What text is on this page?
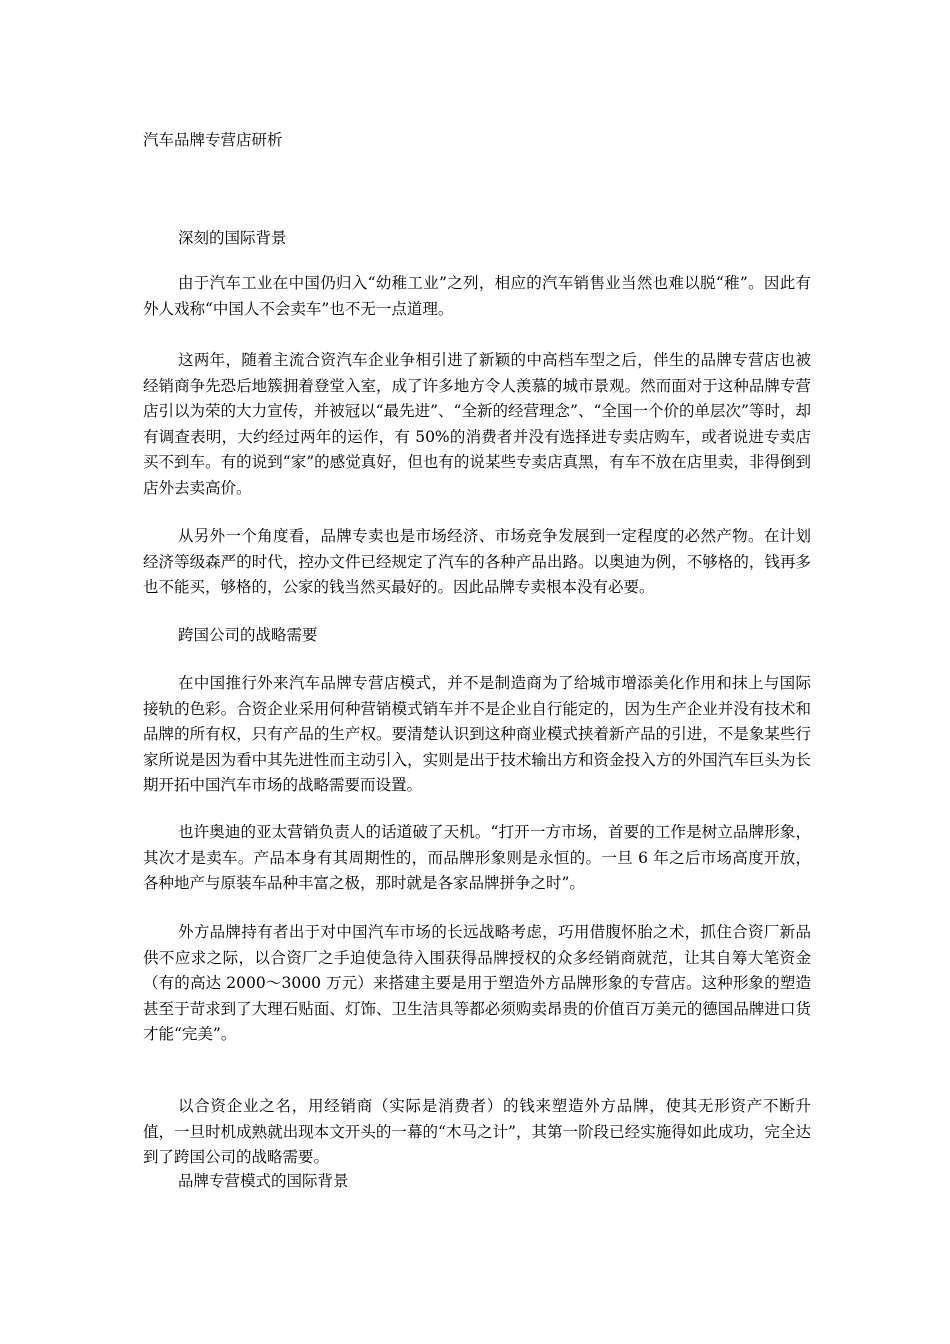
汽车品牌专营店研析
深刻的国际背景

由于汽车工业在中国仍归入“幼稚工业”之列，相应的汽车销售业当然也难以脱“稚”。因此有外人戏称“中国人不会卖车”也不无一点道理。

这两年，随着主流合资汽车企业争相引进了新颖的中高档车型之后，伴生的品牌专营店也被经销商争先恐后地簇拥着登堂入室，成了许多地方令人羡慕的城市景观。然而面对于这种品牌专营店引以为荣的大力宣传，并被冠以“最先进”、“全新的经营理念”、“全国一个价的单层次”等时，却有调查表明，大约经过两年的运作，有 50%的消费者并没有选择进专卖店购车，或者说进专卖店买不到车。有的说到“家”的感觉真好，但也有的说某些专卖店真黑，有车不放在店里卖，非得倒到店外去卖高价。

从另外一个角度看，品牌专卖也是市场经济、市场竞争发展到一定程度的必然产物。在计划经济等级森严的时代，控办文件已经规定了汽车的各种产品出路。以奥迪为例，不够格的，钱再多也不能买，够格的，公家的钱当然买最好的。因此品牌专卖根本没有必要。

跨国公司的战略需要

在中国推行外来汽车品牌专营店模式，并不是制造商为了给城市增添美化作用和抹上与国际接轨的色彩。合资企业采用何种营销模式销车并不是企业自行能定的，因为生产企业并没有技术和品牌的所有权，只有产品的生产权。要清楚认识到这种商业模式挟着新产品的引进，不是象某些行家所说是因为看中其先进性而主动引入，实则是出于技术输出方和资金投入方的外国汽车巨头为长期开拓中国汽车市场的战略需要而设置。

也许奥迪的亚太营销负责人的话道破了天机。“打开一方市场，首要的工作是树立品牌形象，其次才是卖车。产品本身有其周期性的，而品牌形象则是永恒的。一旦 6 年之后市场高度开放，各种地产与原装车品种丰富之极，那时就是各家品牌拼争之时”。

外方品牌持有者出于对中国汽车市场的长远战略考虑，巧用借腹怀胎之术，抓住合资厂新品供不应求之际，以合资厂之手迫使急待入围获得品牌授权的众多经销商就范，让其自筹大笔资金（有的高达 2000～3000 万元）来搭建主要是用于塑造外方品牌形象的专营店。这种形象的塑造甚至于苛求到了大理石贴面、灯饰、卫生洁具等都必须购卖昂贵的价值百万美元的德国品牌进口货才能“完美”。

以合资企业之名，用经销商（实际是消费者）的钱来塑造外方品牌，使其无形资产不断升值，一旦时机成熟就出现本文开头的一幕的“木马之计”，其第一阶段已经实施得如此成功，完全达到了跨国公司的战略需要。

品牌专营模式的国际背景
